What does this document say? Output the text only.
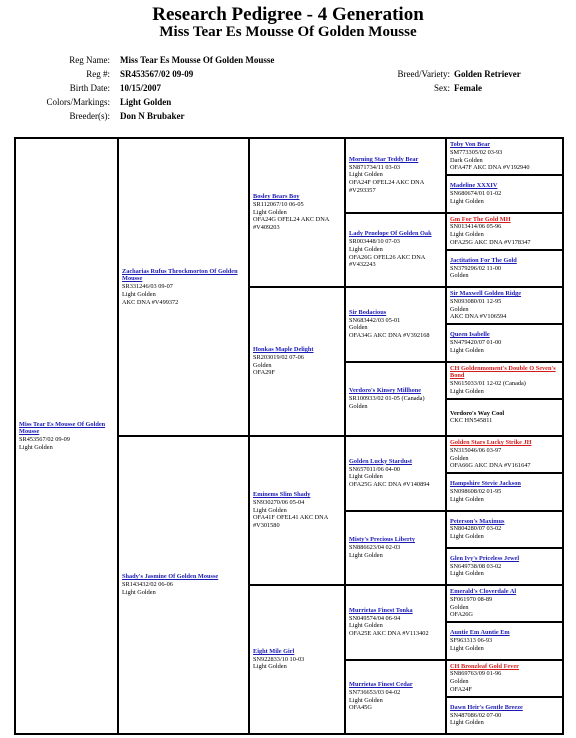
Research Pedigree - 4 Generation
Miss Tear Es Mousse Of Golden Mousse
Reg Name: Miss Tear Es Mousse Of Golden Mousse
Reg #: SR453567/02 09-09
Birth Date: 10/15/2007
Colors/Markings: Light Golden
Breeder(s): Don N Brubaker
Breed/Variety: Golden Retriever
Sex: Female
Miss Tear Es Mousse Of Golden Mousse
SR453567/02 09-09
Light Golden
Zacharias Rufus Throckmorton Of Golden Mousse
SR331246/03 09-07
Light Golden
AKC DNA #V499372
Shady's Jasmine Of Golden Mousse
SR143432/02 06-06
Light Golden
Bosley Bears Boy
SR112067/10 06-05
Light Golden
OFA24G OFEL24 AKC DNA #V409203
Honkas Maple Delight
SR203019/02 07-06
Golden
OFA29F
Eminems Slim Shady
SN930270/06 05-04
Light Golden
OFA41F OFEL41 AKC DNA #V301580
Eight Mile Girl
SN922833/10 10-03
Light Golden
Morning Star Teddy Bear
SN871734/11 03-03
Light Golden
OFA24F OFEL24 AKC DNA #V293357
Lady Penelope Of Golden Oak
SR003448/10 07-03
Light Golden
OFA26G OFEL26 AKC DNA #V432243
Sir Bodacious
SN683442/03 05-01
Golden
OFA34G AKC DNA #V392168
Verdoro's Kinsey Millhone
SR100933/02 01-05 (Canada)
Golden
Golden Lucky Stardust
SN657011/06 04-00
Light Golden
OFA25G AKC DNA #V140894
Misty's Precious Liberty
SN886623/04 02-03
Light Golden
Murrietas Finest Tonka
SN049574/04 06-94
Light Golden
OFA25E AKC DNA #V113402
Murrietas Finest Cedar
SN736653/03 04-02
Light Golden
OFA45G
Toby Von Bear
SM773305/02 03-93
Dark Golden
OFA47F AKC DNA #V192940
Madeline XXXIV
SN680674/01 01-02
Light Golden
Gm For The Gold MH
SN013414/06 05-96
Light Golden
OFA25G AKC DNA #V178347
Jactitation For The Gold
SN379296/02 11-00
Golden
Sir Maxwell Golden Ridge
SN093080/01 12-95
Golden
AKC DNA #V106594
Queen Isabelle
SN479420/07 01-00
Light Golden
CH Goldenmoment's Double O Seven's Bond
SN615033/01 12-02 (Canada)
Light Golden
Verdoro's Way Cool
CKC HN545811
Golden Stars Lucky Strike JH
SN315046/06 03-97
Golden
OFA66G AKC DNA #V161647
Hampshire Stevie Jackson
SN098608/02 01-95
Light Golden
Peterson's Maximus
SN804280/07 03-02
Light Golden
Glen Ivy's Priceless Jewel
SN649738/08 03-02
Light Golden
Emerald's Cloverdale Al
SF061970 08-89
Golden
OFA26G
Auntie Em Auntie Em
SF963313 06-93
Light Golden
CH Bronzleaf Gold Fever
SN869763/09 01-96
Golden
OFA24F
Dawn Heir's Gentle Breeze
SN487086/02 07-00
Light Golden
